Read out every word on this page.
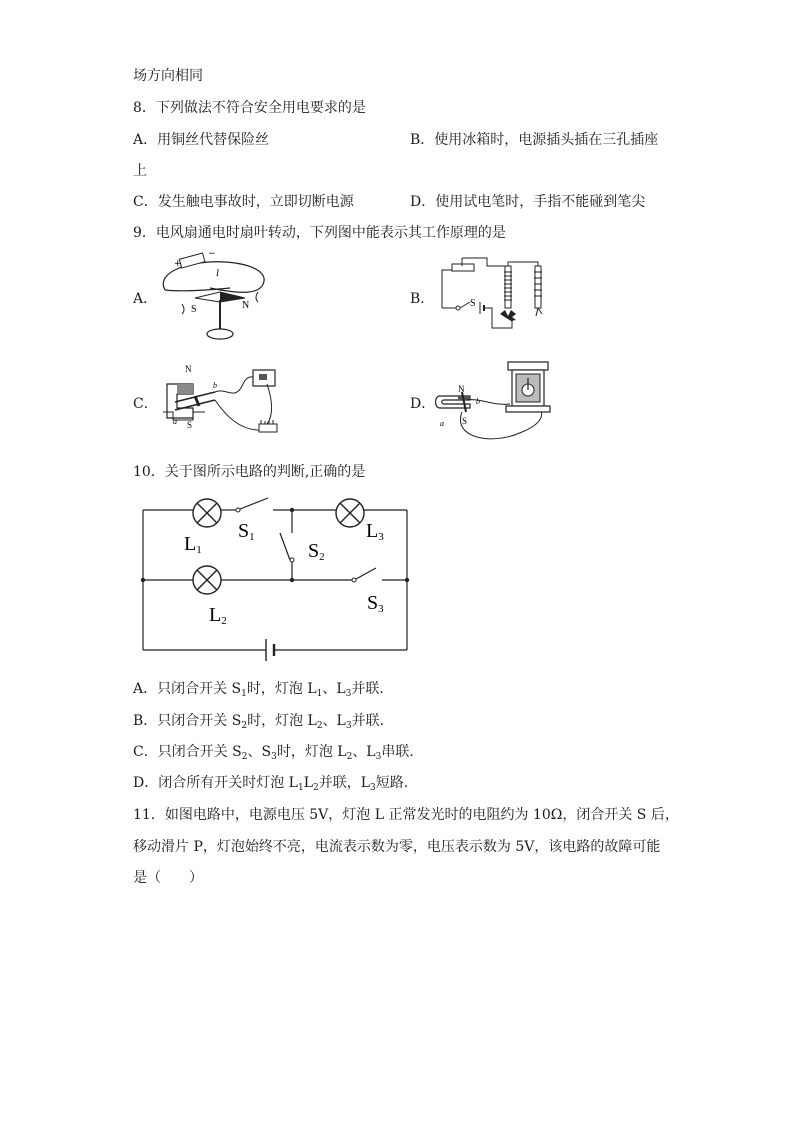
场方向相同
8．下列做法不符合安全用电要求的是
A．用铜丝代替保险丝	B．使用冰箱时，电源插头插在三孔插座
上
C．发生触电事故时，立即切断电源	D．使用试电笔时，手指不能碰到笔尖
9．电风扇通电时扇叶转动，下列图中能表示其工作原理的是
A．	B．
C．	D．
+
−
S	N
I
S
N
S
b
a
N
S
b
a
10．关于图所示电路的判断,正确的是
L1
S1
S2
L3
L2
S3
A．只闭合开关 $S_1$时，灯泡 $L_1$、$L_3$并联．
B．只闭合开关 $S_2$时，灯泡 $L_2$、$L_3$并联．
C．只闭合开关 $S_2$、$S_3$时，灯泡 $L_2$、$L_3$串联．
D．闭合所有开关时灯泡 $L_1L_2$并联，$L_3$短路.
11．如图电路中，电源电压 5V，灯泡 L 正常发光时的电阻约为 10Ω，闭合开关 S 后，
移动滑片 P，灯泡始终不亮，电流表示数为零，电压表示数为 5V，该电路的故障可能
是（　　）
